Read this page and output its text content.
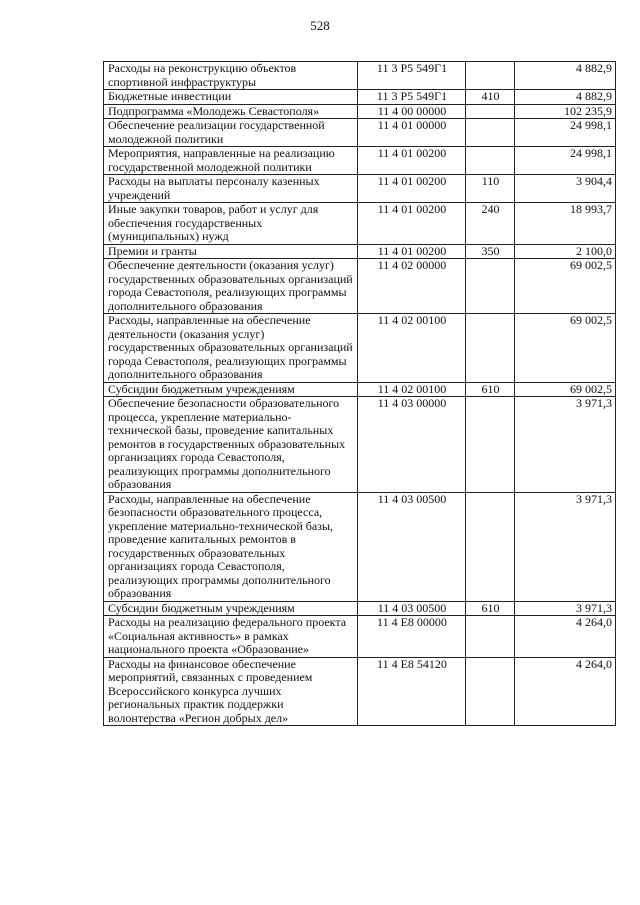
528
Расходы на реконструкцию объектов спортивной инфраструктуры	11 3 P5 549Г1		4 882,9
Бюджетные инвестиции	11 3 P5 549Г1	410	4 882,9
Подпрограмма «Молодежь Севастополя»	11 4 00 00000		102 235,9
Обеспечение реализации государственной молодежной политики	11 4 01 00000		24 998,1
Мероприятия, направленные на реализацию государственной молодежной политики	11 4 01 00200		24 998,1
Расходы на выплаты персоналу казенных учреждений	11 4 01 00200	110	3 904,4
Иные закупки товаров, работ и услуг для обеспечения государственных (муниципальных) нужд	11 4 01 00200	240	18 993,7
Премии и гранты	11 4 01 00200	350	2 100,0
Обеспечение деятельности (оказания услуг) государственных образовательных организаций города Севастополя, реализующих программы дополнительного образования	11 4 02 00000		69 002,5
Расходы, направленные на обеспечение деятельности (оказания услуг) государственных образовательных организаций города Севастополя, реализующих программы дополнительного образования	11 4 02 00100		69 002,5
Субсидии бюджетным учреждениям	11 4 02 00100	610	69 002,5
Обеспечение безопасности образовательного процесса, укрепление материально-технической базы, проведение капитальных ремонтов в государственных образовательных организациях города Севастополя, реализующих программы дополнительного образования	11 4 03 00000		3 971,3
Расходы, направленные на обеспечение безопасности образовательного процесса, укрепление материально-технической базы, проведение капитальных ремонтов в государственных образовательных организациях города Севастополя, реализующих программы дополнительного образования	11 4 03 00500		3 971,3
Субсидии бюджетным учреждениям	11 4 03 00500	610	3 971,3
Расходы на реализацию федерального проекта «Социальная активность» в рамках национального проекта «Образование»	11 4 E8 00000		4 264,0
Расходы на финансовое обеспечение мероприятий, связанных с проведением Всероссийского конкурса лучших региональных практик поддержки волонтерства «Регион добрых дел»	11 4 E8 54120		4 264,0
